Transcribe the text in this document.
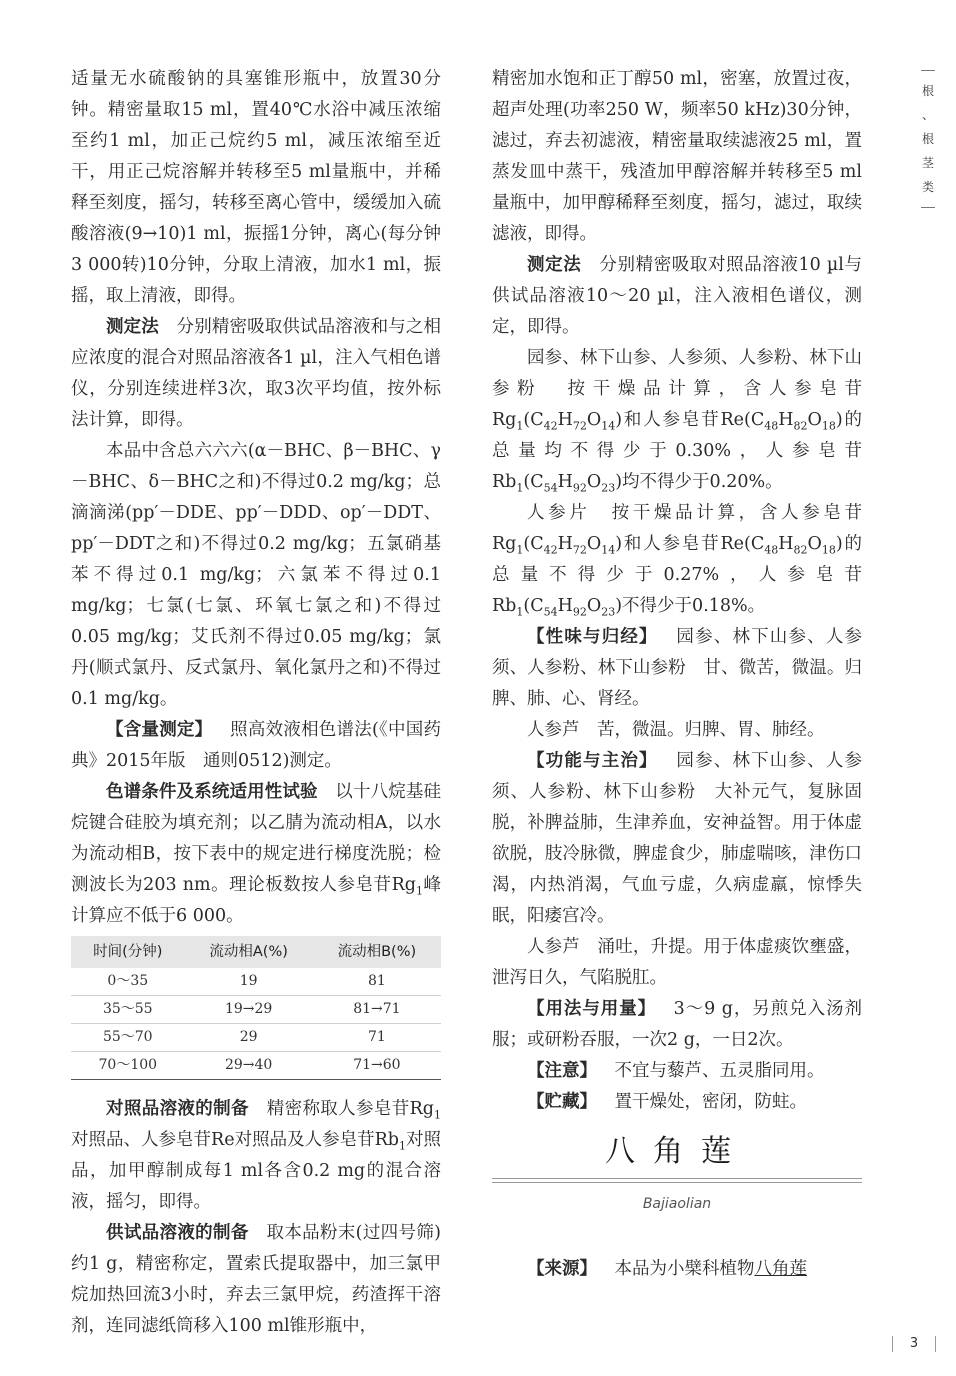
根、根茎类

适量无水硫酸钠的具塞锥形瓶中，放置30分钟。精密量取15 ml，置40℃水浴中减压浓缩至约1 ml，加正己烷约5 ml，减压浓缩至近干，用正己烷溶解并转移至5 ml量瓶中，并稀释至刻度，摇匀，转移至离心管中，缓缓加入硫酸溶液(9→10)1 ml，振摇1分钟，离心(每分钟3 000转)10分钟，分取上清液，加水1 ml，振摇，取上清液，即得。

测定法 分别精密吸取供试品溶液和与之相应浓度的混合对照品溶液各1 µl，注入气相色谱仪，分别连续进样3次，取3次平均值，按外标法计算，即得。

本品中含总六六六(α－BHC、β－BHC、γ－BHC、δ－BHC之和)不得过0.2 mg/kg；总滴滴涕(pp′－DDE、pp′－DDD、op′－DDT、pp′－DDT之和)不得过0.2 mg/kg；五氯硝基苯不得过0.1 mg/kg；六氯苯不得过0.1 mg/kg；七氯(七氯、环氧七氯之和)不得过0.05 mg/kg；艾氏剂不得过0.05 mg/kg；氯丹(顺式氯丹、反式氯丹、氧化氯丹之和)不得过0.1 mg/kg。

【含量测定】 照高效液相色谱法(《中国药典》2015年版　通则0512)测定。

色谱条件及系统适用性试验 以十八烷基硅烷键合硅胶为填充剂；以乙腈为流动相A，以水为流动相B，按下表中的规定进行梯度洗脱；检测波长为203 nm。理论板数按人参皂苷$Rg_1$峰计算应不低于6 000。

时间(分钟)	流动相A(%)	流动相B(%)
0～35	19	81
35～55	19→29	81→71
55～70	29	71
70～100	29→40	71→60

对照品溶液的制备 精密称取人参皂苷$Rg_1$对照品、人参皂苷Re对照品及人参皂苷$Rb_1$对照品，加甲醇制成每1 ml各含0.2 mg的混合溶液，摇匀，即得。

供试品溶液的制备 取本品粉末(过四号筛)约1 g，精密称定，置索氏提取器中，加三氯甲烷加热回流3小时，弃去三氯甲烷，药渣挥干溶剂，连同滤纸筒移入100 ml锥形瓶中，

精密加水饱和正丁醇50 ml，密塞，放置过夜，超声处理(功率250 W，频率50 kHz)30分钟，滤过，弃去初滤液，精密量取续滤液25 ml，置蒸发皿中蒸干，残渣加甲醇溶解并转移至5 ml量瓶中，加甲醇稀释至刻度，摇匀，滤过，取续滤液，即得。

测定法 分别精密吸取对照品溶液10 µl与供试品溶液10～20 µl，注入液相色谱仪，测定，即得。

园参、林下山参、人参须、人参粉、林下山参粉 按干燥品计算，含人参皂苷$Rg_1(C_{42}H_{72}O_{14})$和人参皂苷$Re(C_{48}H_{82}O_{18})$的总量均不得少于0.30%，人参皂苷$Rb_1(C_{54}H_{92}O_{23})$均不得少于0.20%。

人参片 按干燥品计算，含人参皂苷$Rg_1(C_{42}H_{72}O_{14})$和人参皂苷$Re(C_{48}H_{82}O_{18})$的总量不得少于0.27%，人参皂苷$Rb_1(C_{54}H_{92}O_{23})$不得少于0.18%。

【性味与归经】 园参、林下山参、人参须、人参粉、林下山参粉 甘、微苦，微温。归脾、肺、心、肾经。

人参芦 苦，微温。归脾、胃、肺经。

【功能与主治】 园参、林下山参、人参须、人参粉、林下山参粉 大补元气，复脉固脱，补脾益肺，生津养血，安神益智。用于体虚欲脱，肢冷脉微，脾虚食少，肺虚喘咳，津伤口渴，内热消渴，气血亏虚，久病虚羸，惊悸失眠，阳痿宫冷。

人参芦 涌吐，升提。用于体虚痰饮壅盛，泄泻日久，气陷脱肛。

【用法与用量】 3～9 g，另煎兑入汤剂服；或研粉吞服，一次2 g，一日2次。

【注意】 不宜与藜芦、五灵脂同用。

【贮藏】 置干燥处，密闭，防蛀。

八角莲
Bajiaolian

【来源】 本品为小檗科植物八角莲

3
